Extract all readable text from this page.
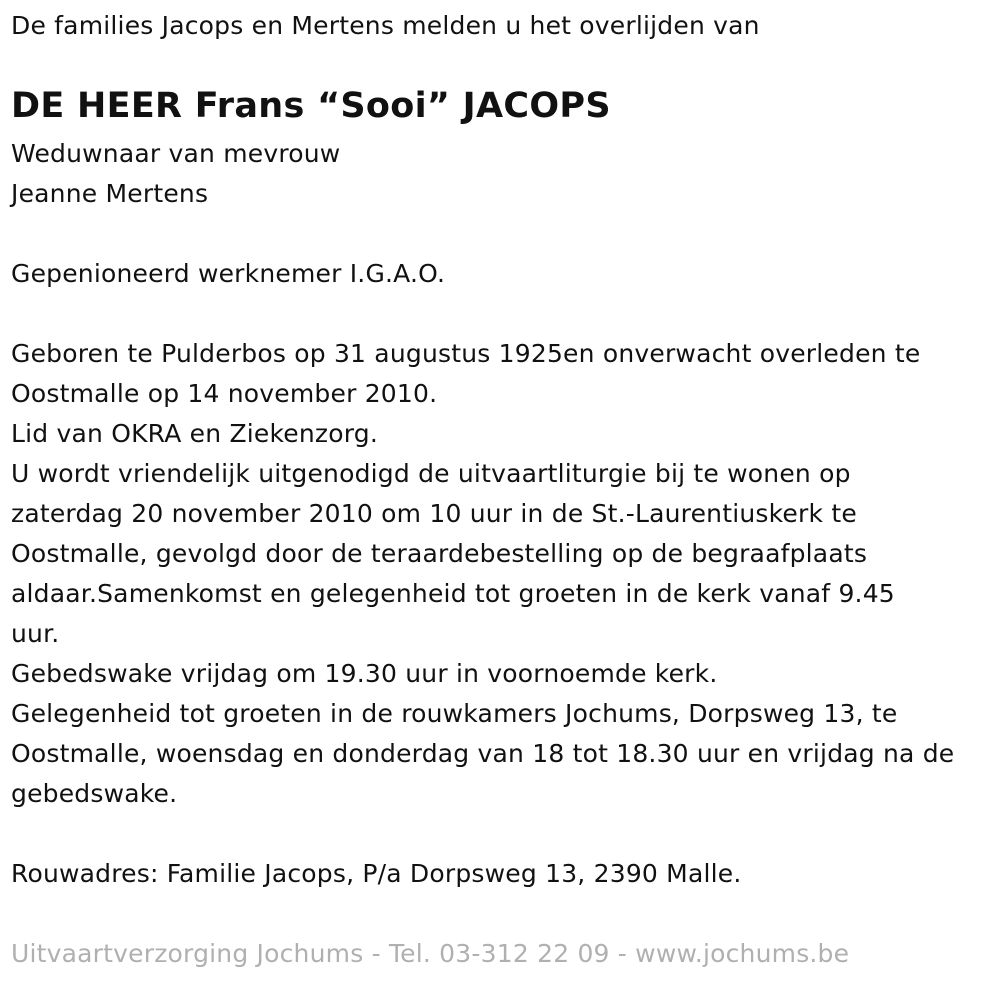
De families Jacops en Mertens melden u het overlijden van
DE HEER Frans “Sooi” JACOPS
Weduwnaar van mevrouw
Jeanne Mertens
Gepenioneerd werknemer I.G.A.O.
Geboren te Pulderbos op 31 augustus 1925en onverwacht overleden te
Oostmalle op 14 november 2010.
Lid van OKRA en Ziekenzorg.
U wordt vriendelijk uitgenodigd de uitvaartliturgie bij te wonen op
zaterdag 20 november 2010 om 10 uur in de St.-Laurentiuskerk te
Oostmalle, gevolgd door de teraardebestelling op de begraafplaats
aldaar.Samenkomst en gelegenheid tot groeten in de kerk vanaf 9.45
uur.
Gebedswake vrijdag om 19.30 uur in voornoemde kerk.
Gelegenheid tot groeten in de rouwkamers Jochums, Dorpsweg 13, te
Oostmalle, woensdag en donderdag van 18 tot 18.30 uur en vrijdag na de
gebedswake.
Rouwadres: Familie Jacops, P/a Dorpsweg 13, 2390 Malle.
Uitvaartverzorging Jochums - Tel. 03-312 22 09 - www.jochums.be
